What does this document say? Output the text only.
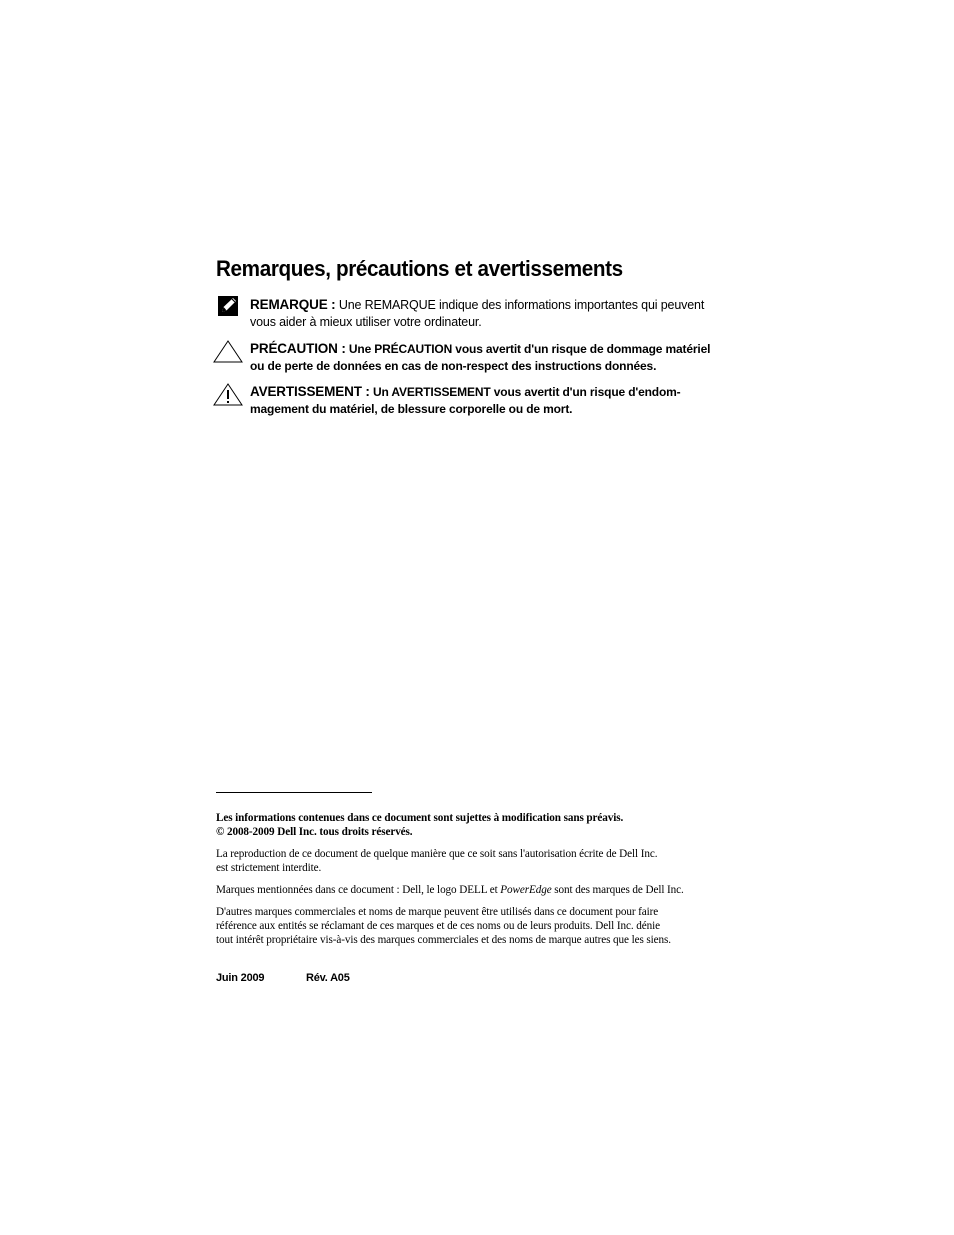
Remarques, précautions et avertissements
REMARQUE : Une REMARQUE indique des informations importantes qui peuvent
vous aider à mieux utiliser votre ordinateur.
PRÉCAUTION : Une PRÉCAUTION vous avertit d'un risque de dommage matériel
ou de perte de données en cas de non-respect des instructions données.
AVERTISSEMENT : Un AVERTISSEMENT vous avertit d'un risque d'endom-
magement du matériel, de blessure corporelle ou de mort.
Les informations contenues dans ce document sont sujettes à modification sans préavis.
© 2008-2009 Dell Inc. tous droits réservés.
La reproduction de ce document de quelque manière que ce soit sans l'autorisation écrite de Dell Inc.
est strictement interdite.
Marques mentionnées dans ce document : Dell, le logo DELL et PowerEdge sont des marques de Dell Inc.
D'autres marques commerciales et noms de marque peuvent être utilisés dans ce document pour faire
référence aux entités se réclamant de ces marques et de ces noms ou de leurs produits. Dell Inc. dénie
tout intérêt propriétaire vis-à-vis des marques commerciales et des noms de marque autres que les siens.
Juin 2009	Rév. A05
